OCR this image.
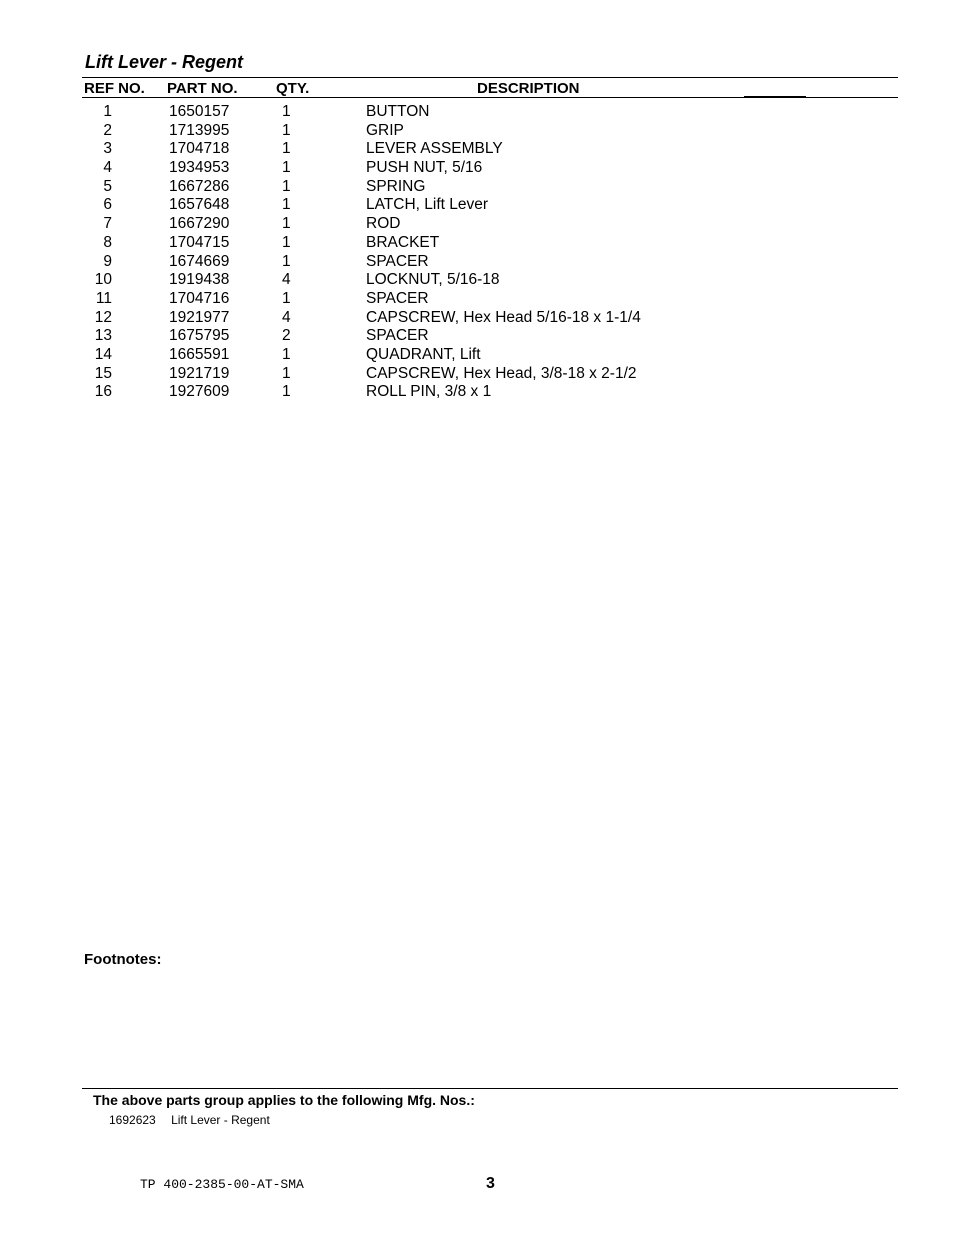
Lift Lever - Regent
REF NO. PART NO.	QTY.	DESCRIPTION
1	1650157	1	BUTTON
2	1713995	1	GRIP
3	1704718	1	LEVER ASSEMBLY
4	1934953	1	PUSH NUT, 5/16
5	1667286	1	SPRING
6	1657648	1	LATCH, Lift Lever
7	1667290	1	ROD
8	1704715	1	BRACKET
9	1674669	1	SPACER
10	1919438	4	LOCKNUT, 5/16-18
11	1704716	1	SPACER
12	1921977	4	CAPSCREW, Hex Head 5/16-18 x 1-1/4
13	1675795	2	SPACER
14	1665591	1	QUADRANT, Lift
15	1921719	1	CAPSCREW, Hex Head, 3/8-18 x 2-1/2
16	1927609	1	ROLL PIN, 3/8 x 1
Footnotes:
The above parts group applies to the following Mfg. Nos.:
1692623 Lift Lever - Regent
TP 400-2385-00-AT-SMA	3
